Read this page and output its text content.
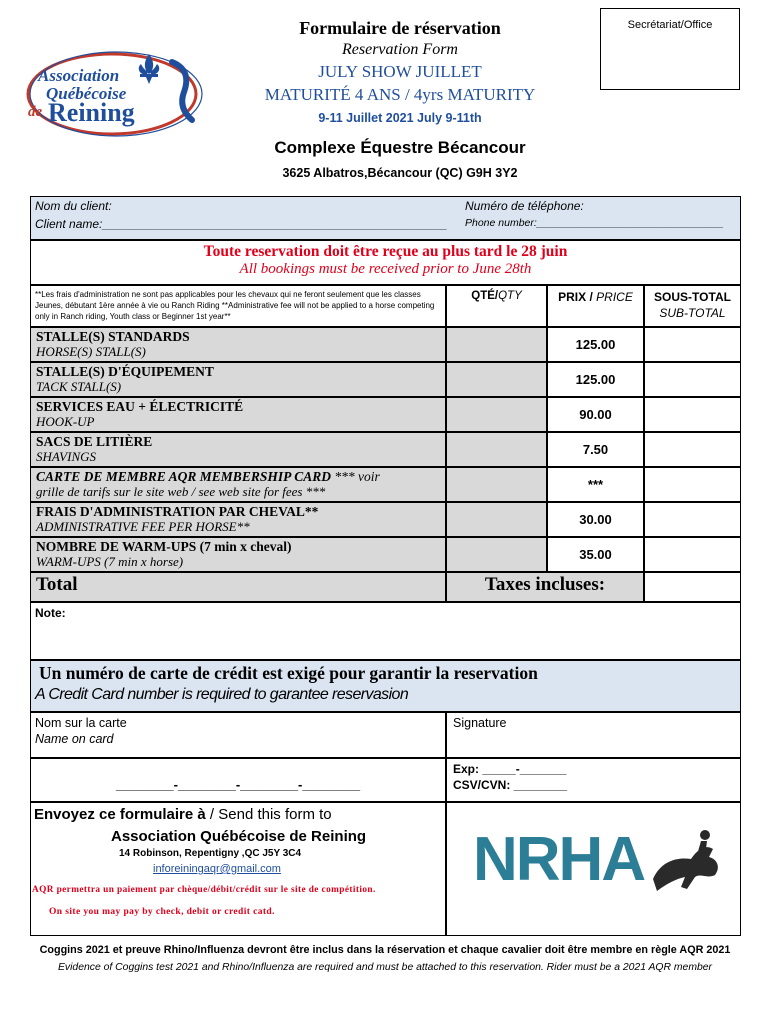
Association
Québécoise
de Reining
Formulaire de réservation
Reservation Form
JULY SHOW JUILLET
MATURITÉ 4 ANS / 4yrs MATURITY
9-11 Juillet 2021 July 9-11th
Secrétariat/Office
Complexe Équestre Bécancour
3625 Albatros,Bécancour (QC) G9H 3Y2
Nom du client:
Client name:______________________________________________________________
Numéro de téléphone:
Phone number:________________________________
Toute reservation doit être reçue au plus tard le 28 juin
All bookings must be received prior to June 28th
**Les frais d'administration ne sont pas applicables pour les chevaux qui ne feront seulement que les classes Jeunes, débutant 1ère année à vie ou Ranch Riding **Administrative fee will not be applied to a horse competing only in Ranch riding, Youth class or Beginner 1st year**
QTÉ/QTY	PRIX / PRICE	SOUS-TOTAL
SUB-TOTAL
STALLE(S) STANDARDS
HORSE(S) STALL(S)	125.00
STALLE(S) D'ÉQUIPEMENT
TACK STALL(S)	125.00
SERVICES EAU + ÉLECTRICITÉ
HOOK-UP	90.00
SACS DE LITIÈRE
SHAVINGS	7.50
CARTE DE MEMBRE AQR MEMBERSHIP CARD *** voir
grille de tarifs sur le site web / see web site for fees ***	***
FRAIS D'ADMINISTRATION PAR CHEVAL**
ADMINISTRATIVE FEE PER HORSE**	30.00
NOMBRE DE WARM-UPS (7 min x cheval)
WARM-UPS (7 min x horse)	35.00
Total	Taxes incluses:
Note:
Un numéro de carte de crédit est exigé pour garantir la reservation
A Credit Card number is required to garantee reservasion
Nom sur la carte
Name on card
Signature
________-________-________-________
Exp: _____-_______
CSV/CVN: ________
Envoyez ce formulaire à / Send this form to
Association Québécoise de Reining
14 Robinson, Repentigny ,QC J5Y 3C4
inforeiningaqr@gmail.com
AQR permettra un paiement par chèque/débit/crédit sur le site de compétition.
On site you may pay by check, debit or credit catd.
NRHA
Coggins 2021 et preuve Rhino/Influenza devront être inclus dans la réservation et chaque cavalier doit être membre en règle AQR 2021
Evidence of Coggins test 2021 and Rhino/Influenza are required and must be attached to this reservation. Rider must be a 2021 AQR member
